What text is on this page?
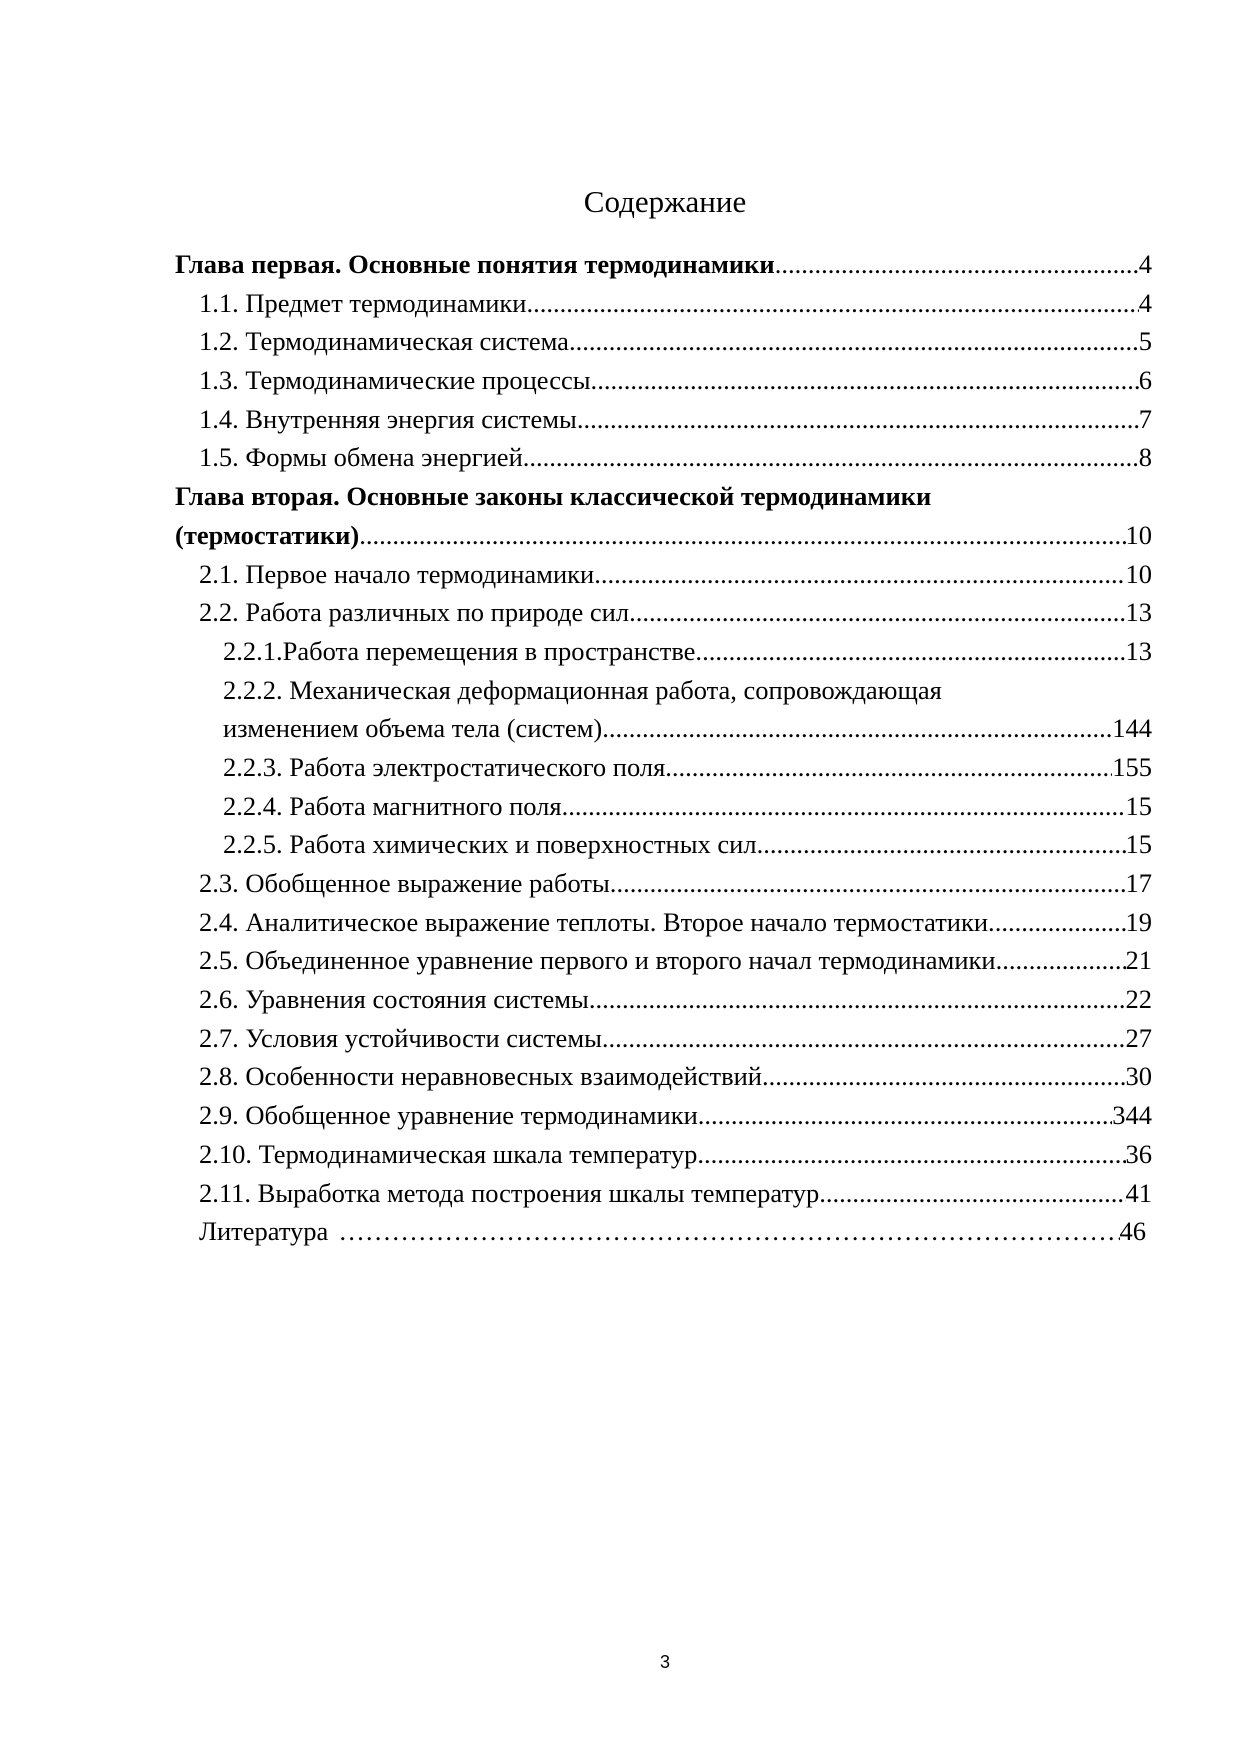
Содержание
Глава первая. Основные понятия термодинамики .....	4
1.1. Предмет термодинамики .....	4
1.2. Термодинамическая система .....	5
1.3. Термодинамические процессы. .....	6
1.4. Внутренняя энергия системы .....	7
1.5. Формы обмена энергией. .....	8
Глава вторая. Основные законы классической термодинамики
(термостатики) .....	10
2.1. Первое начало термодинамики .....	10
2.2. Работа различных по природе сил. .....	13
2.2.1.Работа перемещения в пространстве. .....	13
2.2.2. Механическая деформационная работа, сопровождающая
изменением объема тела (систем). .....	144
2.2.3. Работа электростатического поля. .....	155
2.2.4. Работа магнитного поля. .....	15
2.2.5. Работа химических и поверхностных сил. .....	15
2.3. Обобщенное выражение работы. .....	17
2.4. Аналитическое выражение теплоты. Второе начало термостатики. .....	19
2.5. Объединенное уравнение первого и второго начал термодинамики .....	21
2.6. Уравнения состояния системы .....	22
2.7. Условия устойчивости системы .....	27
2.8. Особенности неравновесных взаимодействий .....	30
2.9. Обобщенное уравнение термодинамики .....	344
2.10. Термодинамическая шкала температур .....	36
2.11. Выработка метода построения шкалы температур .....	41
Литература …………………………………………………………………………………………………………………	46
3
